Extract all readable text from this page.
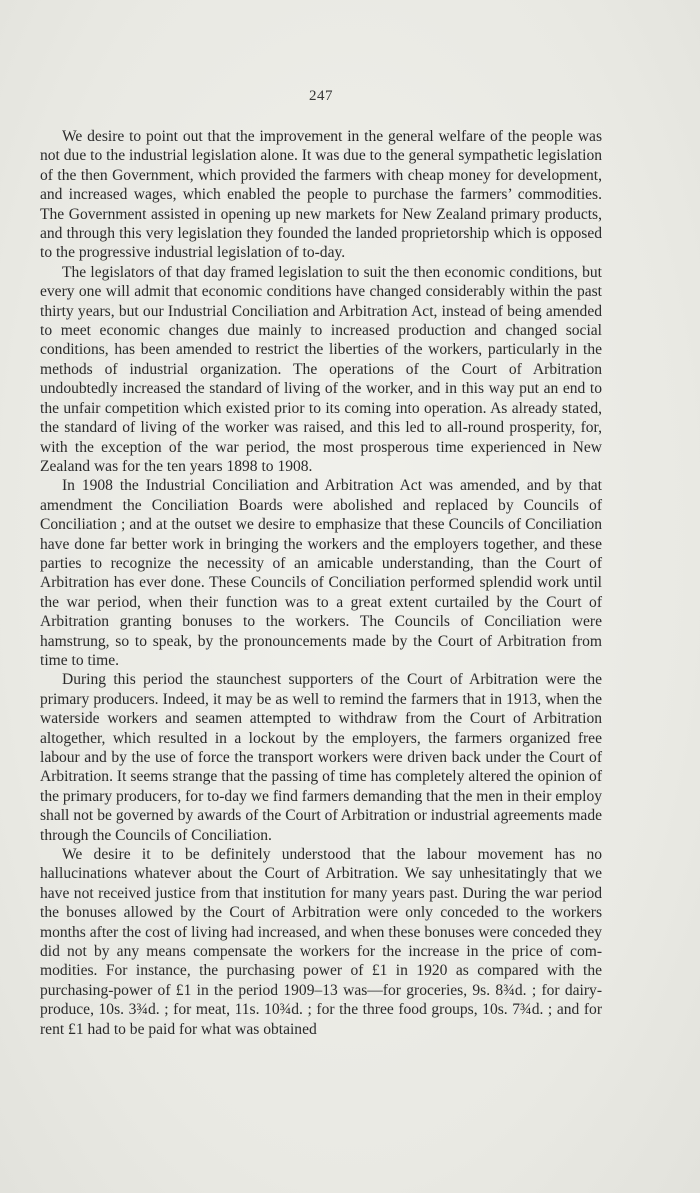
247

We desire to point out that the improvement in the general welfare of the people was not due to the industrial legislation alone. It was due to the general sympathetic legislation of the then Government, which provided the farmers with cheap money for development, and increased wages, which enabled the people to purchase the farmers’ commodities. The Government assisted in opening up new markets for New Zealand primary products, and through this very legislation they founded the landed proprietorship which is opposed to the progressive industrial legislation of to-day.

The legislators of that day framed legislation to suit the then economic conditions, but every one will admit that economic conditions have changed considerably within the past thirty years, but our Industrial Conciliation and Arbitration Act, instead of being amended to meet economic changes due mainly to increased production and changed social conditions, has been amended to restrict the liberties of the workers, particularly in the methods of industrial organization. The operations of the Court of Arbitration undoubtedly increased the standard of living of the worker, and in this way put an end to the unfair competition which existed prior to its coming into operation. As already stated, the standard of living of the worker was raised, and this led to all-round prosperity, for, with the exception of the war period, the most prosperous time experienced in New Zealand was for the ten years 1898 to 1908.

In 1908 the Industrial Conciliation and Arbitration Act was amended, and by that amendment the Conciliation Boards were abolished and replaced by Councils of Conciliation ; and at the outset we desire to emphasize that these Councils of Conciliation have done far better work in bringing the workers and the employers together, and these parties to recognize the necessity of an amicable understanding, than the Court of Arbitration has ever done. These Councils of Conciliation performed splendid work until the war period, when their function was to a great extent curtailed by the Court of Arbitration granting bonuses to the workers. The Councils of Conciliation were hamstrung, so to speak, by the pronouncements made by the Court of Arbitration from time to time.

During this period the staunchest supporters of the Court of Arbitration were the primary producers. Indeed, it may be as well to remind the farmers that in 1913, when the waterside workers and seamen attempted to withdraw from the Court of Arbitration altogether, which resulted in a lockout by the employers, the farmers organized free labour and by the use of force the transport workers were driven back under the Court of Arbitration. It seems strange that the passing of time has completely altered the opinion of the primary producers, for to-day we find farmers demanding that the men in their employ shall not be governed by awards of the Court of Arbitration or industrial agreements made through the Councils of Conciliation.

We desire it to be definitely understood that the labour movement has no hallucinations whatever about the Court of Arbitration. We say unhesitatingly that we have not received justice from that institution for many years past. During the war period the bonuses allowed by the Court of Arbitration were only conceded to the workers months after the cost of living had increased, and when these bonuses were conceded they did not by any means compensate the workers for the increase in the price of commodities. For instance, the purchasing power of £1 in 1920 as compared with the purchasing-power of £1 in the period 1909–13 was—for groceries, 9s. 8¾d. ; for dairy-produce, 10s. 3¾d. ; for meat, 11s. 10¾d. ; for the three food groups, 10s. 7¾d. ; and for rent £1 had to be paid for what was obtained
